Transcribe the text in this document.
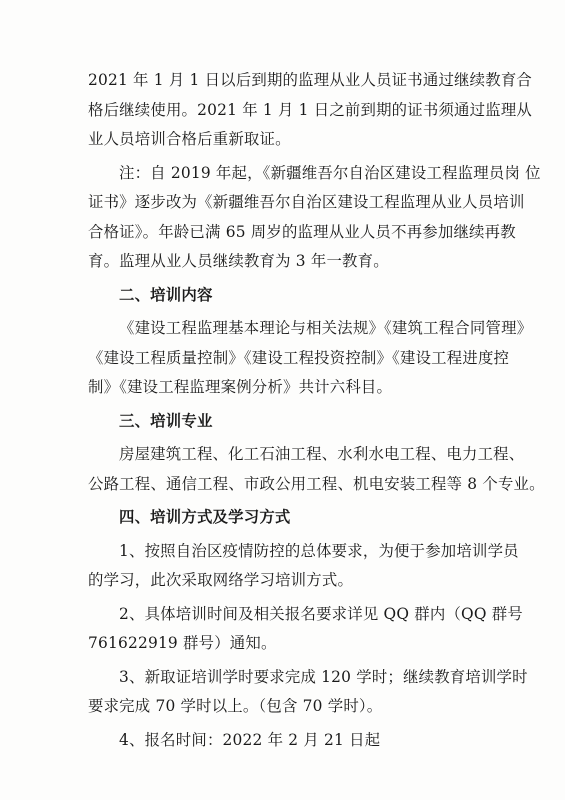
2021 年 1 月 1 日以后到期的监理从业人员证书通过继续教育合
格后继续使用。2021 年 1 月 1 日之前到期的证书须通过监理从
业人员培训合格后重新取证。
注：自 2019 年起，《新疆维吾尔自治区建设工程监理员岗 位
证书》逐步改为《新疆维吾尔自治区建设工程监理从业人员培训
合格证》。年龄已满 65 周岁的监理从业人员不再参加继续再教
育。监理从业人员继续教育为 3 年一教育。
二、培训内容
《建设工程监理基本理论与相关法规》《建筑工程合同管理》
《建设工程质量控制》《建设工程投资控制》《建设工程进度控
制》《建设工程监理案例分析》共计六科目。
三、培训专业
房屋建筑工程、化工石油工程、水利水电工程、电力工程、
公路工程、通信工程、市政公用工程、机电安装工程等 8 个专业。
四、培训方式及学习方式
1、按照自治区疫情防控的总体要求，为便于参加培训学员
的学习，此次采取网络学习培训方式。
2、具体培训时间及相关报名要求详见 QQ 群内（QQ 群号
761622919 群号）通知。
3、新取证培训学时要求完成 120 学时；继续教育培训学时
要求完成 70 学时以上。（包含 70 学时）。
4、报名时间：2022 年 2 月 21 日起
